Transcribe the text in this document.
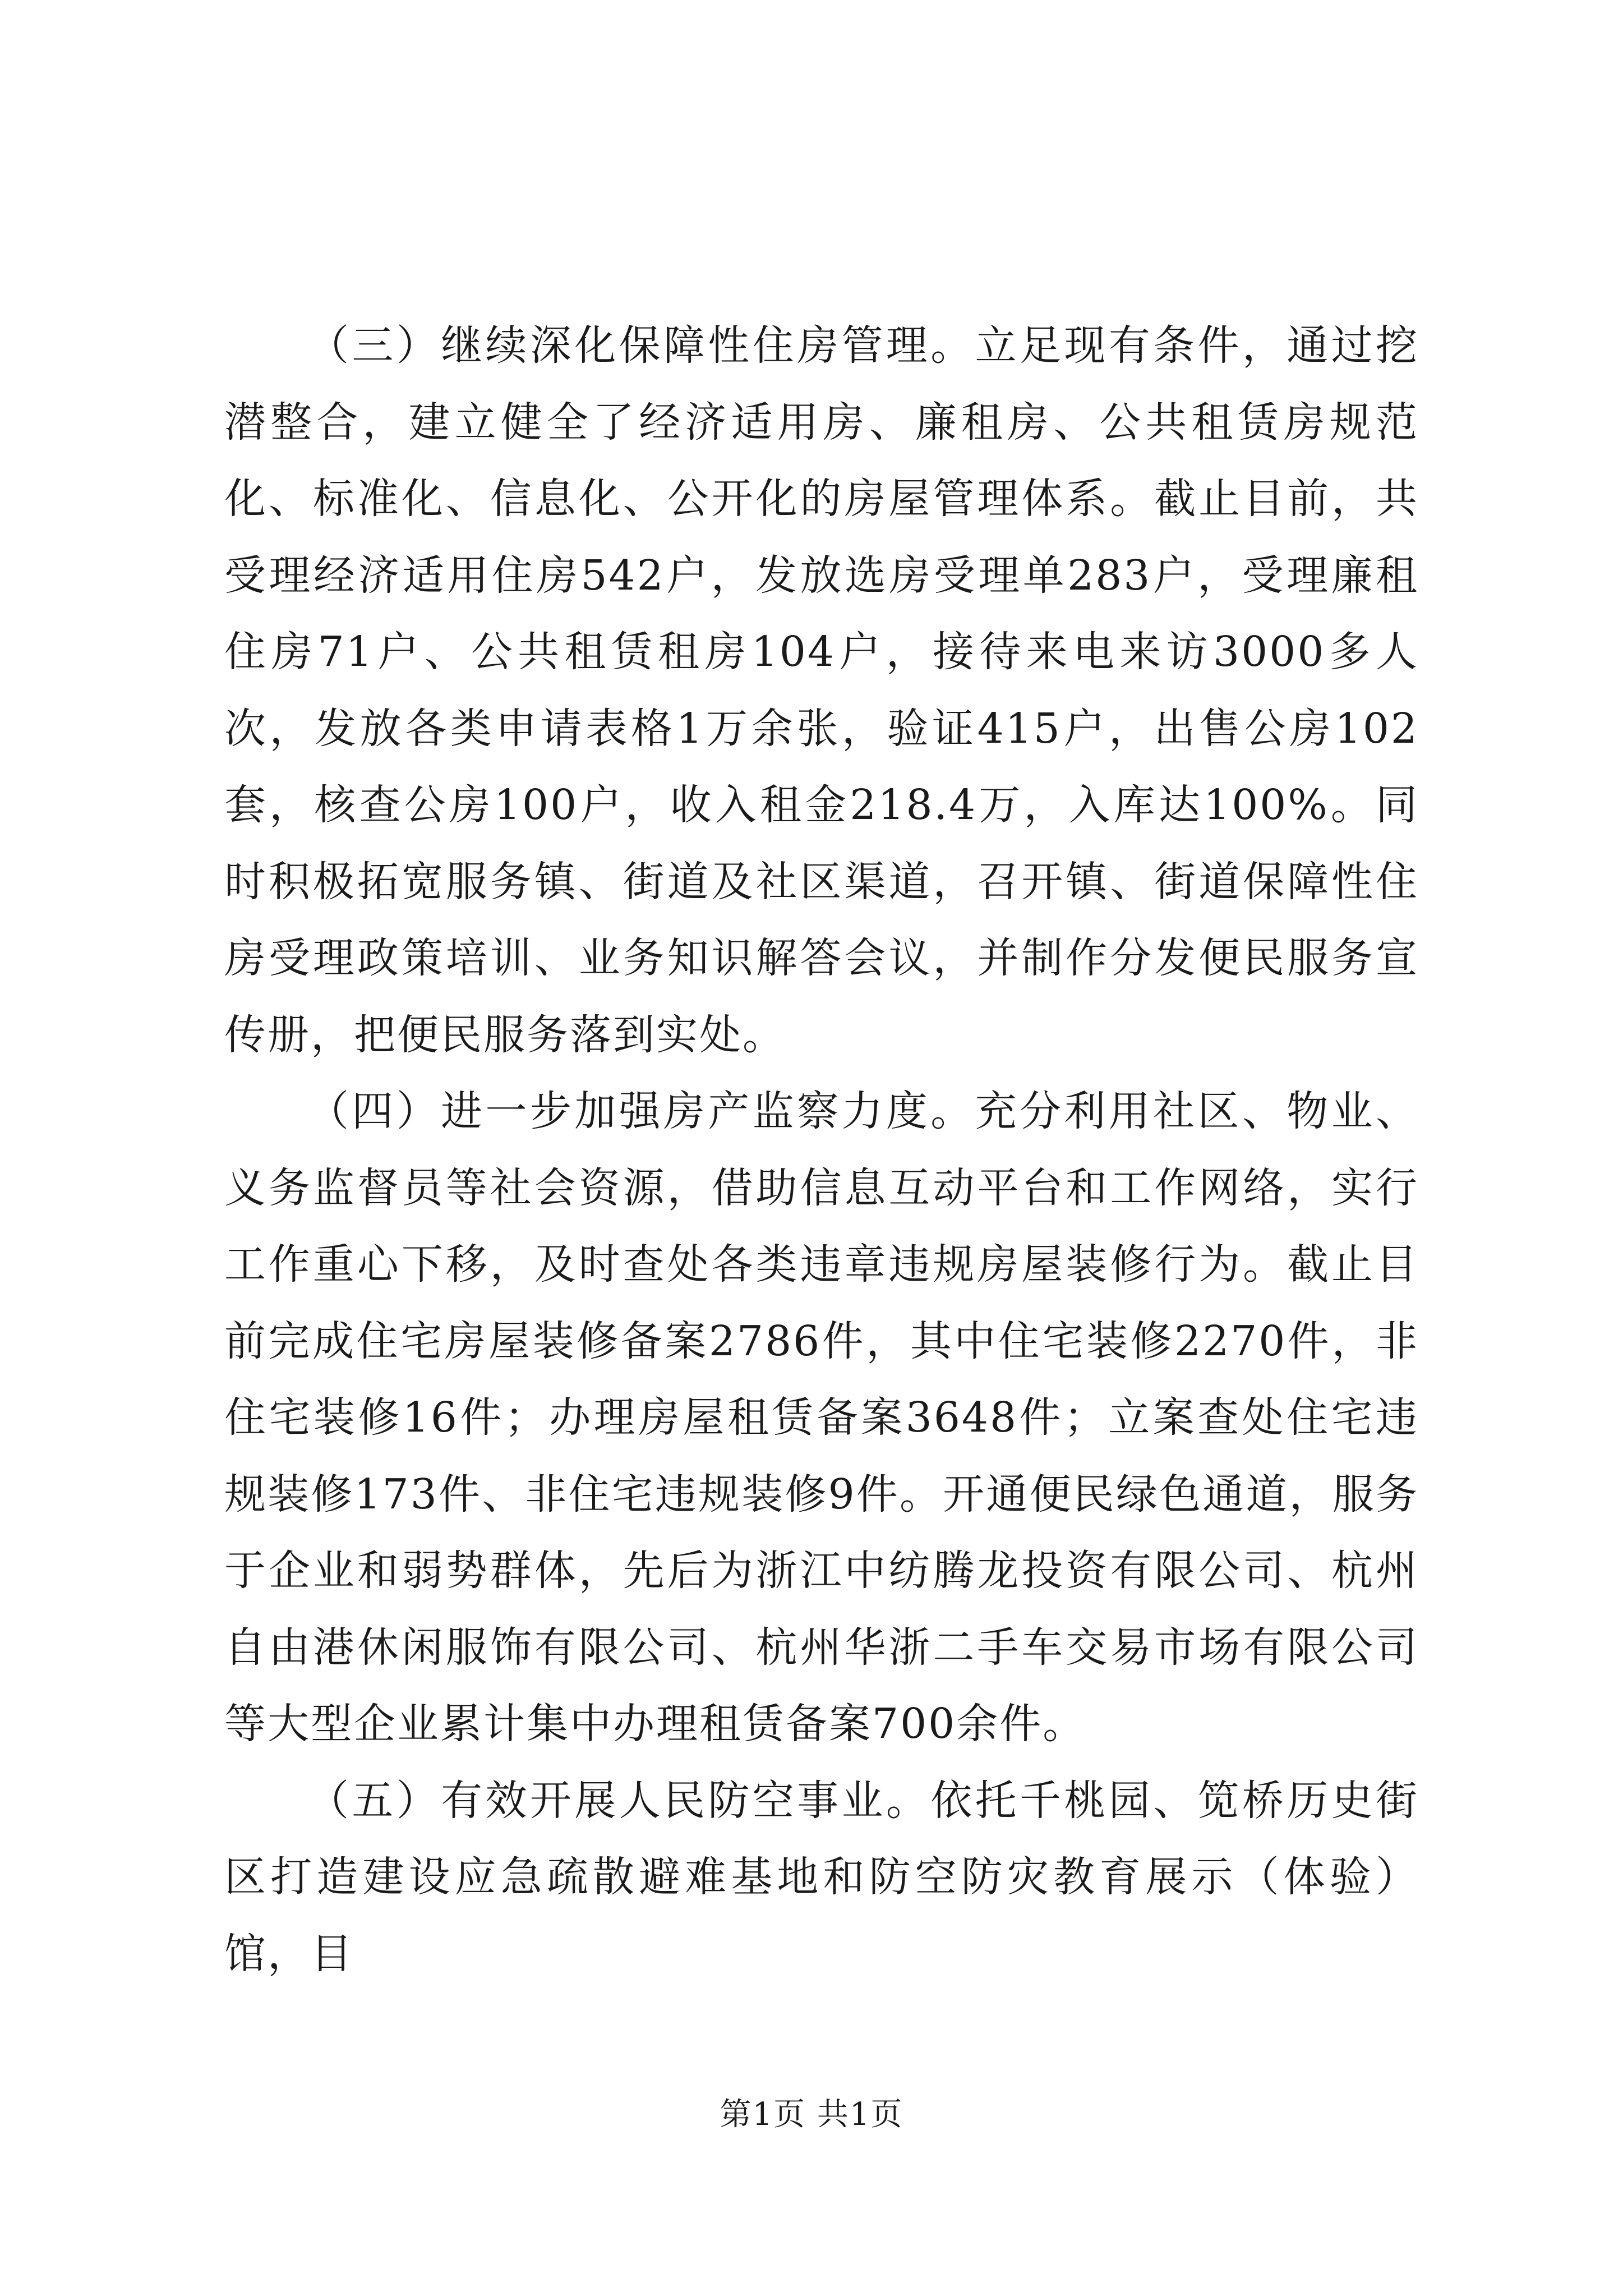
（三）继续深化保障性住房管理。立足现有条件，通过挖潜整合，建立健全了经济适用房、廉租房、公共租赁房规范化、标准化、信息化、公开化的房屋管理体系。截止目前，共受理经济适用住房542户，发放选房受理单283户，受理廉租住房71户、公共租赁租房104户，接待来电来访3000多人次，发放各类申请表格1万余张，验证415户，出售公房102套，核查公房100户，收入租金218.4万，入库达100%。同时积极拓宽服务镇、街道及社区渠道，召开镇、街道保障性住房受理政策培训、业务知识解答会议，并制作分发便民服务宣传册，把便民服务落到实处。

（四）进一步加强房产监察力度。充分利用社区、物业、义务监督员等社会资源，借助信息互动平台和工作网络，实行工作重心下移，及时查处各类违章违规房屋装修行为。截止目前完成住宅房屋装修备案2786件，其中住宅装修2270件，非住宅装修16件；办理房屋租赁备案3648件；立案查处住宅违规装修173件、非住宅违规装修9件。开通便民绿色通道，服务于企业和弱势群体，先后为浙江中纺腾龙投资有限公司、杭州自由港休闲服饰有限公司、杭州华浙二手车交易市场有限公司等大型企业累计集中办理租赁备案700余件。

（五）有效开展人民防空事业。依托千桃园、笕桥历史街区打造建设应急疏散避难基地和防空防灾教育展示（体验）馆，目

第1页 共1页
